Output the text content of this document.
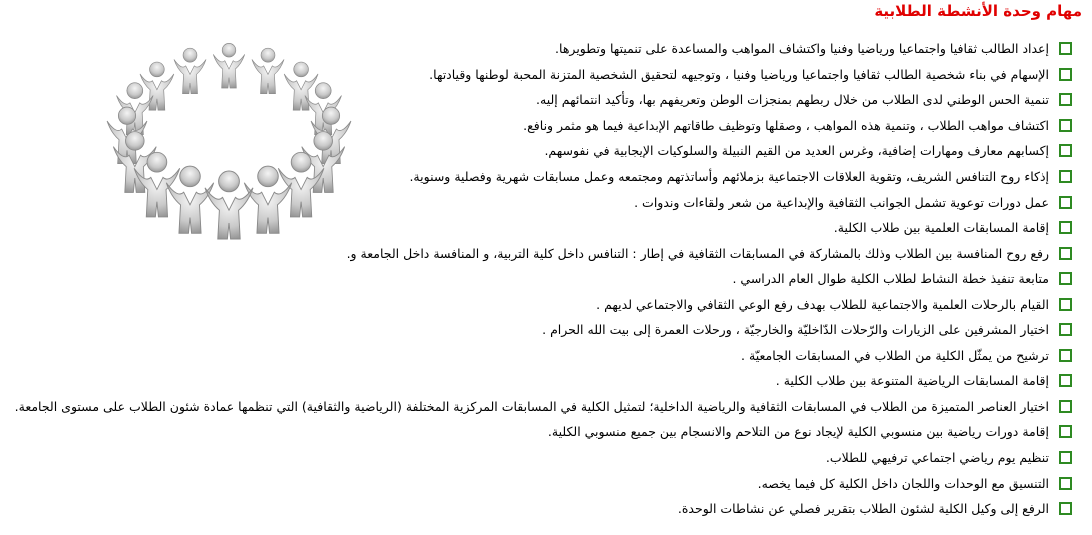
مهام وحدة الأنشطة الطلابية
إعداد الطالب ثقافيا واجتماعيا ورياضيا وفنيا واكتشاف المواهب والمساعدة على تنميتها وتطويرها.
الإسهام في بناء شخصية الطالب ثقافيا واجتماعيا ورياضيا وفنيا ، وتوجيهه لتحقيق الشخصية المتزنة المحبة لوطنها وقيادتها.
تنمية الحس الوطني لدى الطلاب من خلال ربطهم بمنجزات الوطن وتعريفهم بها، وتأكيد انتمائهم إليه.
اكتشاف مواهب الطلاب ، وتنمية هذه المواهب ، وصقلها وتوظيف طاقاتهم الإبداعية فيما هو مثمر ونافع.
إكسابهم معارف ومهارات إضافية، وغرس العديد من القيم النبيلة والسلوكيات الإيجابية في نفوسهم.
إذكاء روح التنافس الشريف، وتقوية العلاقات الاجتماعية بزملائهم وأساتذتهم ومجتمعه وعمل مسابقات شهرية وفصلية وسنوية.
عمل دورات توعوية تشمل الجوانب الثقافية والإبداعية من شعر ولقاءات وندوات .
إقامة المسابقات العلمية بين طلاب الكلية.
رفع روح المنافسة بين الطلاب وذلك بالمشاركة في المسابقات الثقافية في إطار : التنافس داخل كلية التربية، و المنافسة داخل الجامعة و.
متابعة تنفيذ خطة النشاط لطلاب الكلية طوال العام الدراسي .
القيام بالرحلات العلمية والاجتماعية للطلاب بهدف رفع الوعي الثقافي والاجتماعي لديهم .
اختيار المشرفين على الزيارات والرّحلات الدّاخليّة والخارجيّة ، ورحلات العمرة إلى بيت الله الحرام .
ترشيح من يمثّل الكلية من الطلاب في المسابقات الجامعيّة .
إقامة المسابقات الرياضية المتنوعة بين طلاب الكلية .
اختيار العناصر المتميزة من الطلاب في المسابقات الثقافية والرياضية الداخلية؛ لتمثيل الكلية في المسابقات المركزية المختلفة (الرياضية والثقافية) التي تنظمها عمادة شئون الطلاب على مستوى الجامعة.
إقامة دورات رياضية بين منسوبي الكلية لإيجاد نوع من التلاحم والانسجام بين جميع منسوبي الكلية.
تنظيم يوم رياضي اجتماعي ترفيهي للطلاب.
التنسيق مع الوحدات واللجان داخل الكلية كل فيما يخصه.
الرفع إلى وكيل الكلية لشئون الطلاب بتقرير فصلي عن نشاطات الوحدة.
